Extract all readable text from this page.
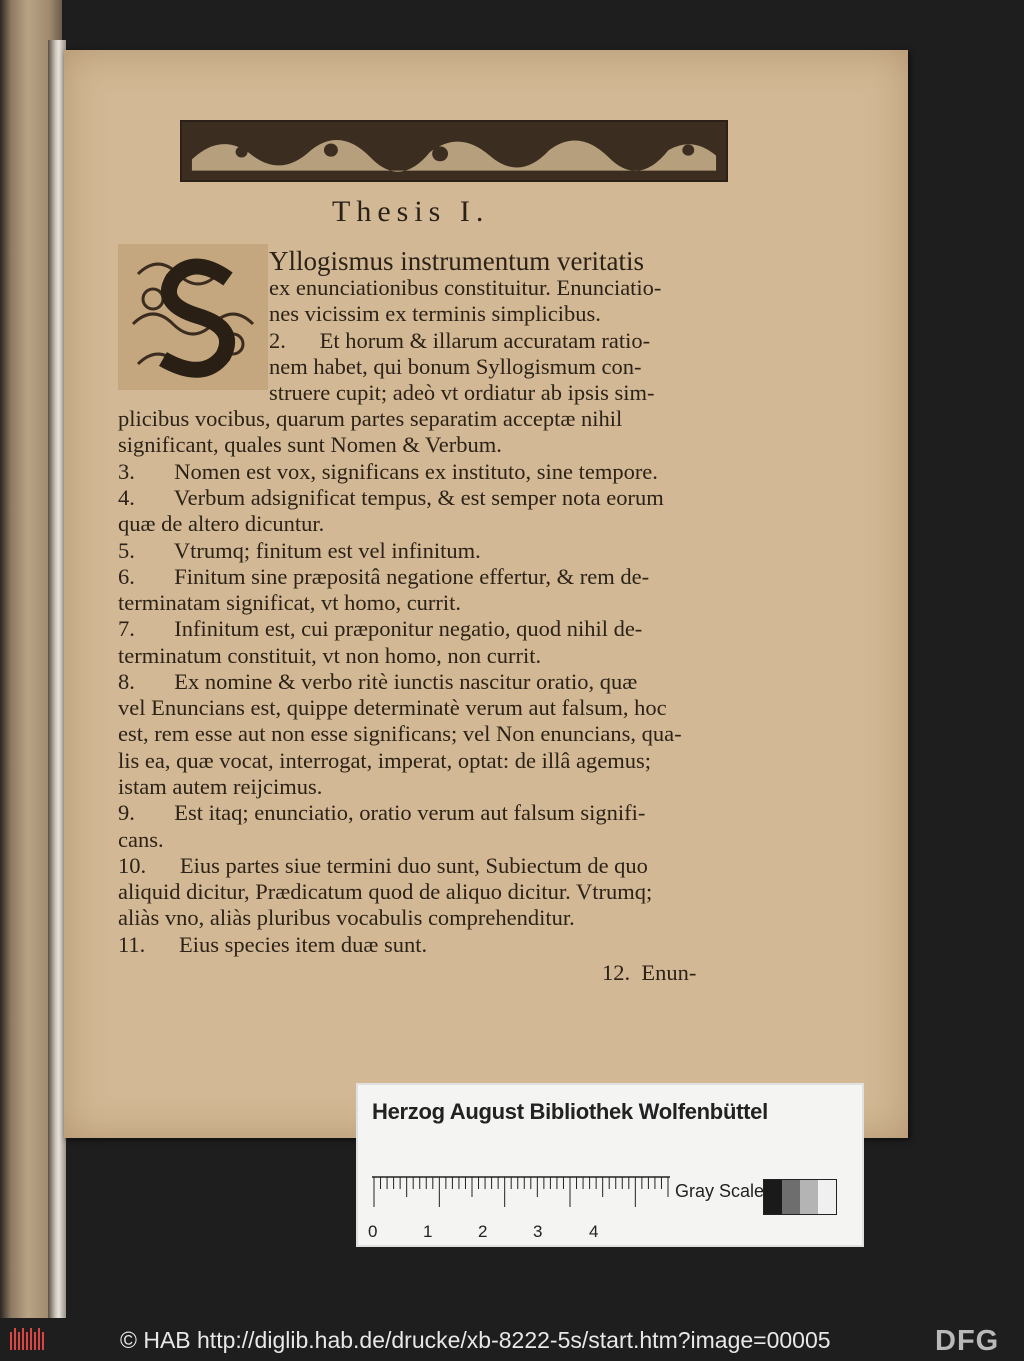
Thesis I.
Yllogismus instrumentum veritatis
ex enunciationibus constituitur. Enunciatio-
nes vicissim ex terminis simplicibus.
2.      Et horum & illarum accuratam ratio-
nem habet, qui bonum Syllogismum con-
struere cupit; adeò vt ordiatur ab ipsis sim-
plicibus vocibus, quarum partes separatim acceptæ nihil
significant, quales sunt Nomen & Verbum.
3.       Nomen est vox, significans ex instituto, sine tempore.
4.       Verbum adsignificat tempus, & est semper nota eorum
quæ de altero dicuntur.
5.       Vtrumq; finitum est vel infinitum.
6.       Finitum sine præpositâ negatione effertur, & rem de-
terminatam significat, vt homo, currit.
7.       Infinitum est, cui præponitur negatio, quod nihil de-
terminatum constituit, vt non homo, non currit.
8.       Ex nomine & verbo ritè iunctis nascitur oratio, quæ
vel Enuncians est, quippe determinatè verum aut falsum, hoc
est, rem esse aut non esse significans; vel Non enuncians, qua-
lis ea, quæ vocat, interrogat, imperat, optat: de illâ agemus;
istam autem reijcimus.
9.       Est itaq; enunciatio, oratio verum aut falsum signifi-
cans.
10.      Eius partes siue termini duo sunt, Subiectum de quo
aliquid dicitur, Prædicatum quod de aliquo dicitur. Vtrumq;
aliàs vno, aliàs pluribus vocabulis comprehenditur.
11.      Eius species item duæ sunt.
12.  Enun-
Herzog August Bibliothek Wolfenbüttel
0	1	2	3	4
Gray Scale
© HAB http://diglib.hab.de/drucke/xb-8222-5s/start.htm?image=00005	DFG
